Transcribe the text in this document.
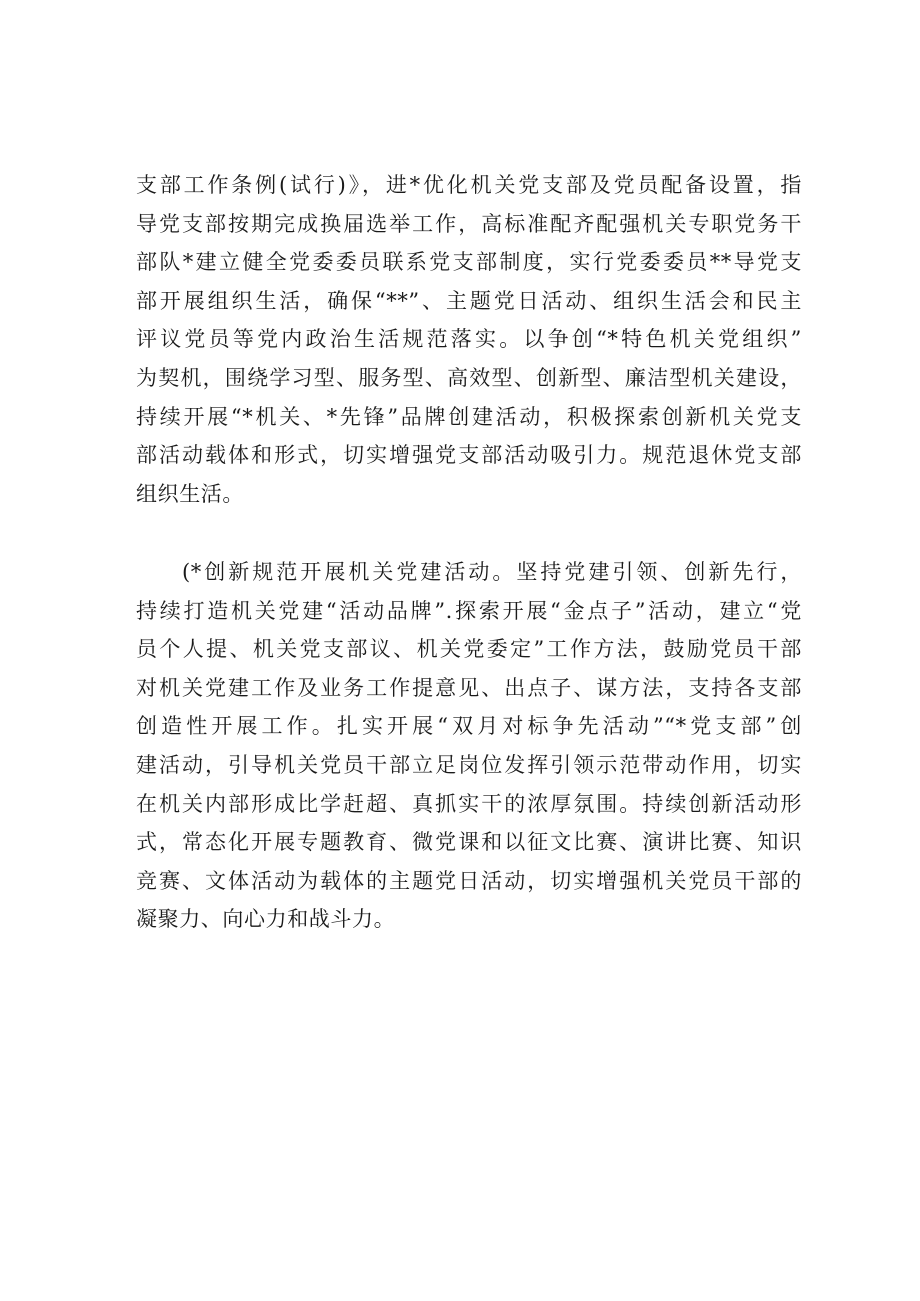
支部工作条例(试行)》，进*优化机关党支部及党员配备设置，指
导党支部按期完成换届选举工作，高标准配齐配强机关专职党务干
部队*建立健全党委委员联系党支部制度，实行党委委员**导党支
部开展组织生活，确保“**”、主题党日活动、组织生活会和民主
评议党员等党内政治生活规范落实。以争创“*特色机关党组织”
为契机，围绕学习型、服务型、高效型、创新型、廉洁型机关建设，
持续开展“*机关、*先锋”品牌创建活动，积极探索创新机关党支
部活动载体和形式，切实增强党支部活动吸引力。规范退休党支部
组织生活。
(*创新规范开展机关党建活动。坚持党建引领、创新先行，
持续打造机关党建“活动品牌”.探索开展“金点子”活动，建立“党
员个人提、机关党支部议、机关党委定”工作方法，鼓励党员干部
对机关党建工作及业务工作提意见、出点子、谋方法，支持各支部
创造性开展工作。扎实开展“双月对标争先活动”“*党支部”创
建活动，引导机关党员干部立足岗位发挥引领示范带动作用，切实
在机关内部形成比学赶超、真抓实干的浓厚氛围。持续创新活动形
式，常态化开展专题教育、微党课和以征文比赛、演讲比赛、知识
竞赛、文体活动为载体的主题党日活动，切实增强机关党员干部的
凝聚力、向心力和战斗力。
